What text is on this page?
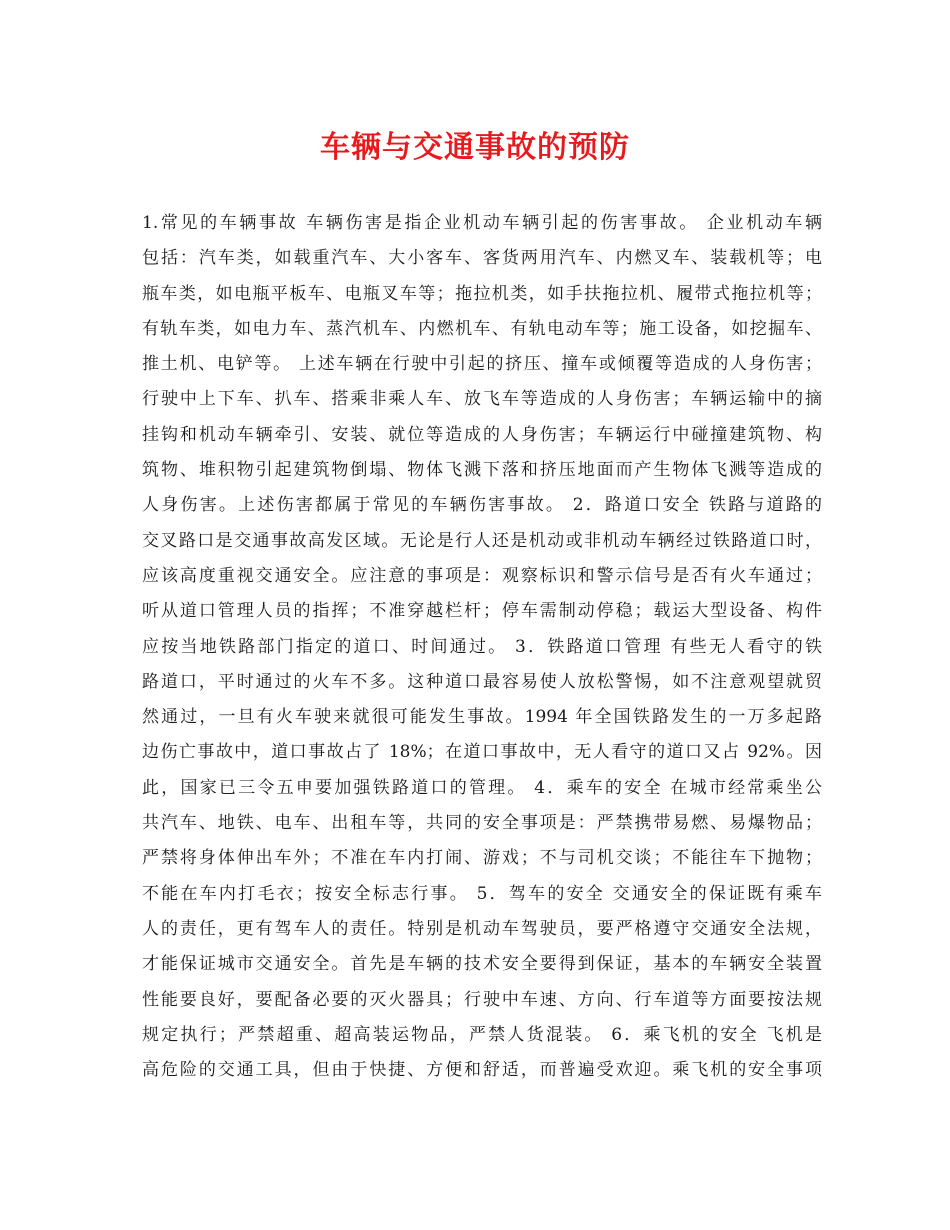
车辆与交通事故的预防
1.常见的车辆事故 车辆伤害是指企业机动车辆引起的伤害事故。 企业机动车辆
包括：汽车类，如载重汽车、大小客车、客货两用汽车、内燃叉车、装载机等；电
瓶车类，如电瓶平板车、电瓶叉车等；拖拉机类，如手扶拖拉机、履带式拖拉机等；
有轨车类，如电力车、蒸汽机车、内燃机车、有轨电动车等；施工设备，如挖掘车、
推土机、电铲等。 上述车辆在行驶中引起的挤压、撞车或倾覆等造成的人身伤害；
行驶中上下车、扒车、搭乘非乘人车、放飞车等造成的人身伤害；车辆运输中的摘
挂钩和机动车辆牵引、安装、就位等造成的人身伤害；车辆运行中碰撞建筑物、构
筑物、堆积物引起建筑物倒塌、物体飞溅下落和挤压地面而产生物体飞溅等造成的
人身伤害。上述伤害都属于常见的车辆伤害事故。 2．路道口安全 铁路与道路的
交叉路口是交通事故高发区域。无论是行人还是机动或非机动车辆经过铁路道口时，
应该高度重视交通安全。应注意的事项是：观察标识和警示信号是否有火车通过；
听从道口管理人员的指挥；不准穿越栏杆；停车需制动停稳；载运大型设备、构件
应按当地铁路部门指定的道口、时间通过。 3．铁路道口管理 有些无人看守的铁
路道口，平时通过的火车不多。这种道口最容易使人放松警惕，如不注意观望就贸
然通过，一旦有火车驶来就很可能发生事故。1994 年全国铁路发生的一万多起路
边伤亡事故中，道口事故占了 18%；在道口事故中，无人看守的道口又占 92%。因
此，国家已三令五申要加强铁路道口的管理。 4．乘车的安全 在城市经常乘坐公
共汽车、地铁、电车、出租车等，共同的安全事项是：严禁携带易燃、易爆物品；
严禁将身体伸出车外；不准在车内打闹、游戏；不与司机交谈；不能往车下抛物；
不能在车内打毛衣；按安全标志行事。 5．驾车的安全 交通安全的保证既有乘车
人的责任，更有驾车人的责任。特别是机动车驾驶员，要严格遵守交通安全法规，
才能保证城市交通安全。首先是车辆的技术安全要得到保证，基本的车辆安全装置
性能要良好，要配备必要的灭火器具；行驶中车速、方向、行车道等方面要按法规
规定执行；严禁超重、超高装运物品，严禁人货混装。 6．乘飞机的安全 飞机是
高危险的交通工具，但由于快捷、方便和舒适，而普遍受欢迎。乘飞机的安全事项
